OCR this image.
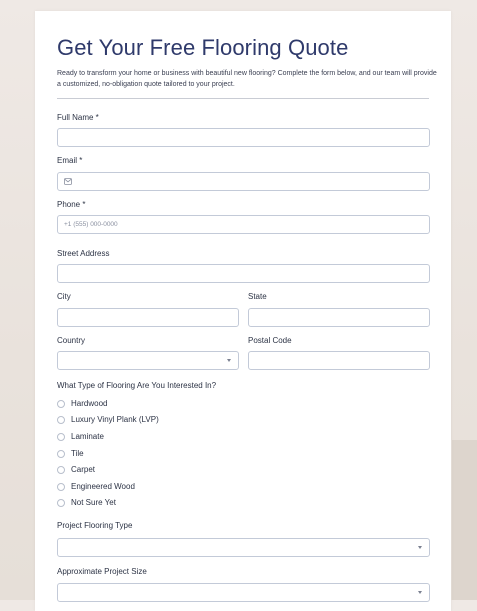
Get Your Free Flooring Quote

Ready to transform your home or business with beautiful new flooring? Complete the form below, and our team will provide a customized, no-obligation quote tailored to your project.

Full Name *
Email *
Phone *
+1 (555) 000-0000
Street Address
City	State
Country	Postal Code
What Type of Flooring Are You Interested In?
Hardwood
Luxury Vinyl Plank (LVP)
Laminate
Tile
Carpet
Engineered Wood
Not Sure Yet
Project Flooring Type
Approximate Project Size
